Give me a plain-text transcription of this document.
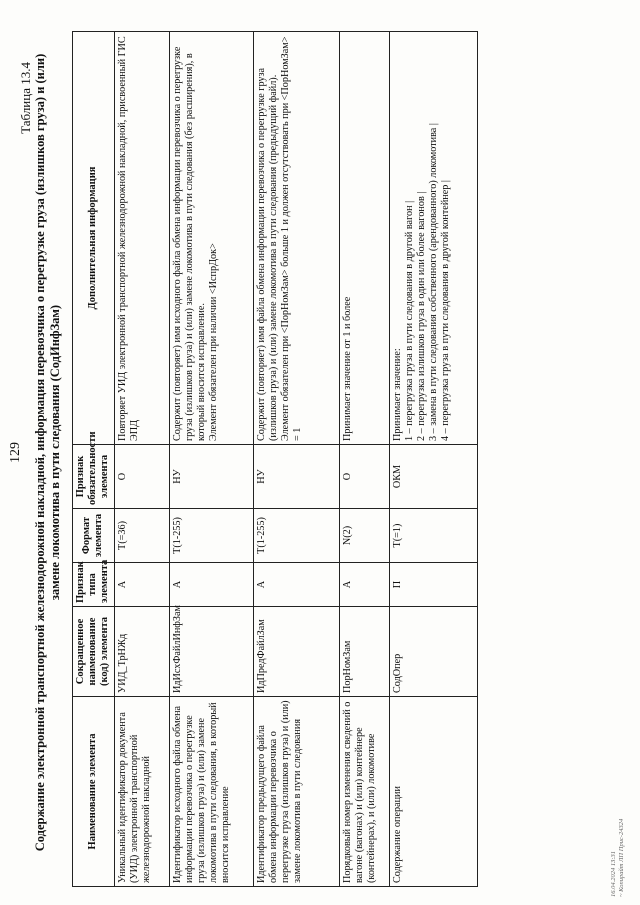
129
Таблица 13.4 Содержание электронной транспортной железнодорожной накладной, информация перевозчика о перегрузке груза (излишков груза) и (или) замене локомотива в пути следования (СодИнфЗам)
Наименование элемента	Сокращенное наименование (код) элемента	Признак типа элемента	Формат элемента	Признак обязательности элемента	Дополнительная информация
Уникальный идентификатор документа (УИД) электронной транспортной железнодорожной накладной	УИД_ТрНЖд	А	T(=36)	О	Повторяет УИД электронной транспортной железнодорожной накладной, присвоенный ГИС ЭПД

Идентификатор исходного файла обмена информации перевозчика о перегрузке груза (излишков груза) и (или) замене локомотива в пути следования, в который вносится исправление	ИдИсхФайлИнфЗам	А	T(1-255)	НУ	Содержит (повторяет) имя исходного файла обмена информации перевозчика о перегрузке груза (излишков груза) и (или) замене локомотива в пути следования (без расширения), в который вносится исправление. Элемент обязателен при наличии <ИспрДок>

Идентификатор предыдущего файла обмена информации перевозчика о перегрузке груза (излишков груза) и (или) замене локомотива в пути следования	ИдПредФайлЗам	А	T(1-255)	НУ	Содержит (повторяет) имя файла обмена информации перевозчика о перегрузке груза (излишков груза) и (или) замене локомотива в пути следования (предыдущий файл). Элемент обязателен при <ПорНомЗам> больше 1 и должен отсутствовать при <ПорНомЗам> = 1

Порядковый номер изменения сведений о вагоне (вагонах) и (или) контейнере (контейнерах), и (или) локомотиве	ПорНомЗам	А	N(2)	О	Принимает значение от 1 и более

Содержание операции	СодОпер	П	T(=1)	ОКМ	Принимает значение: 1 – перегрузка груза в пути следования в другой вагон | 2 – перегрузка излишков груза в один или более вагонов | 3 – замена в пути следования собственного (арендованного) локомотива | 4 – перегрузка груза в пути следования в другой контейнер |
16.04.2024 13:31 ~ Копирайт ЛП Прис-24324
